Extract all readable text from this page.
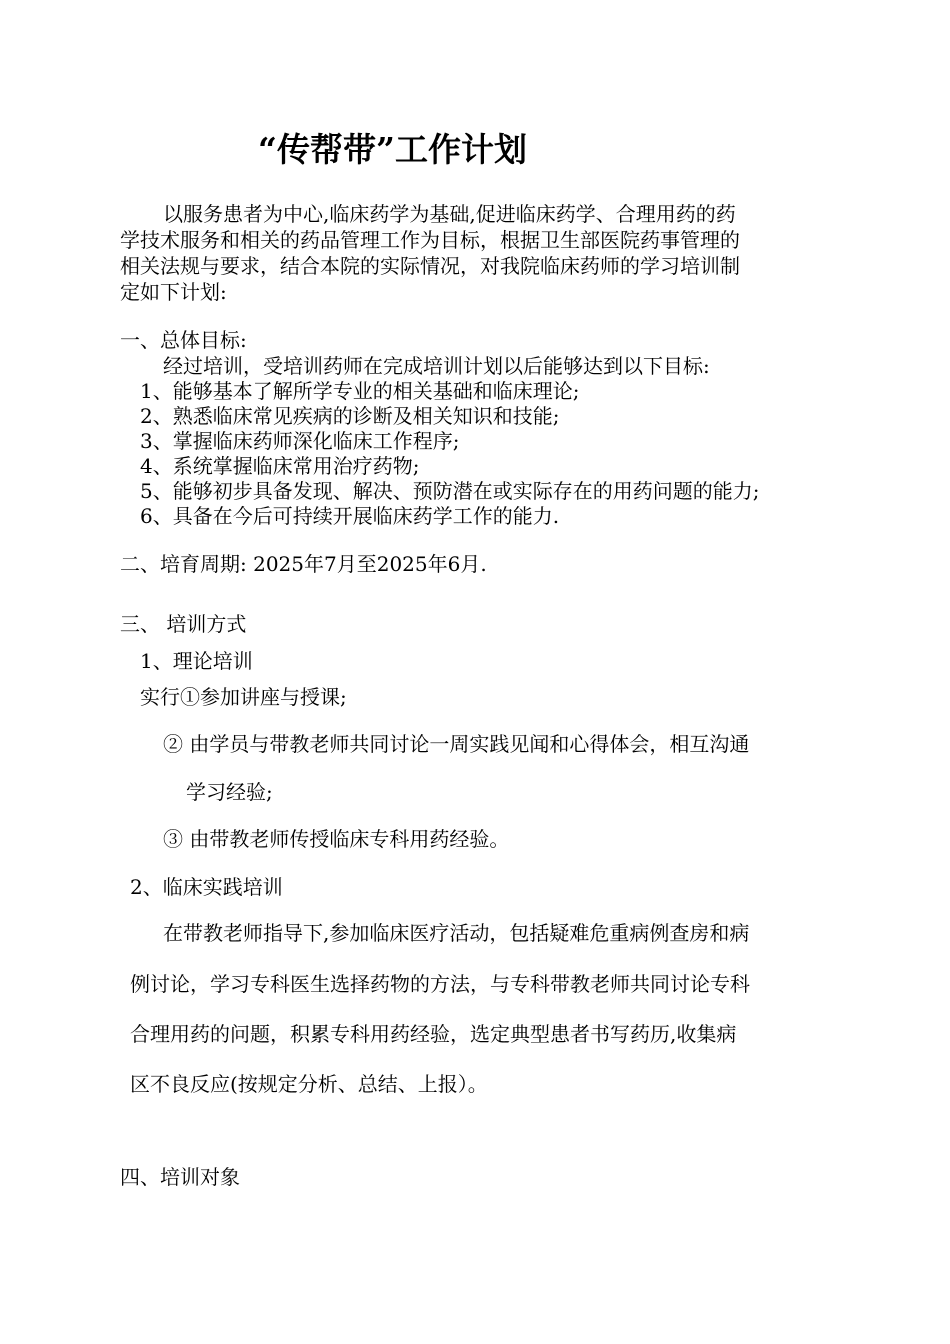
“传帮带”工作计划
以服务患者为中心,临床药学为基础,促进临床药学、合理用药的药
学技术服务和相关的药品管理工作为目标，根据卫生部医院药事管理的
相关法规与要求，结合本院的实际情况，对我院临床药师的学习培训制
定如下计划:
一、总体目标:
经过培训，受培训药师在完成培训计划以后能够达到以下目标:
1、能够基本了解所学专业的相关基础和临床理论;
2、熟悉临床常见疾病的诊断及相关知识和技能;
3、掌握临床药师深化临床工作程序;
4、系统掌握临床常用治疗药物;
5、能够初步具备发现、解决、预防潜在或实际存在的用药问题的能力;
6、具备在今后可持续开展临床药学工作的能力.
二、培育周期: 2025年7月至2025年6月.
三、 培训方式
1、理论培训
实行①参加讲座与授课;
② 由学员与带教老师共同讨论一周实践见闻和心得体会，相互沟通
学习经验;
③ 由带教老师传授临床专科用药经验。
2、临床实践培训
在带教老师指导下,参加临床医疗活动，包括疑难危重病例查房和病
例讨论，学习专科医生选择药物的方法，与专科带教老师共同讨论专科
合理用药的问题，积累专科用药经验，选定典型患者书写药历,收集病
区不良反应(按规定分析、总结、上报）。
四、培训对象
